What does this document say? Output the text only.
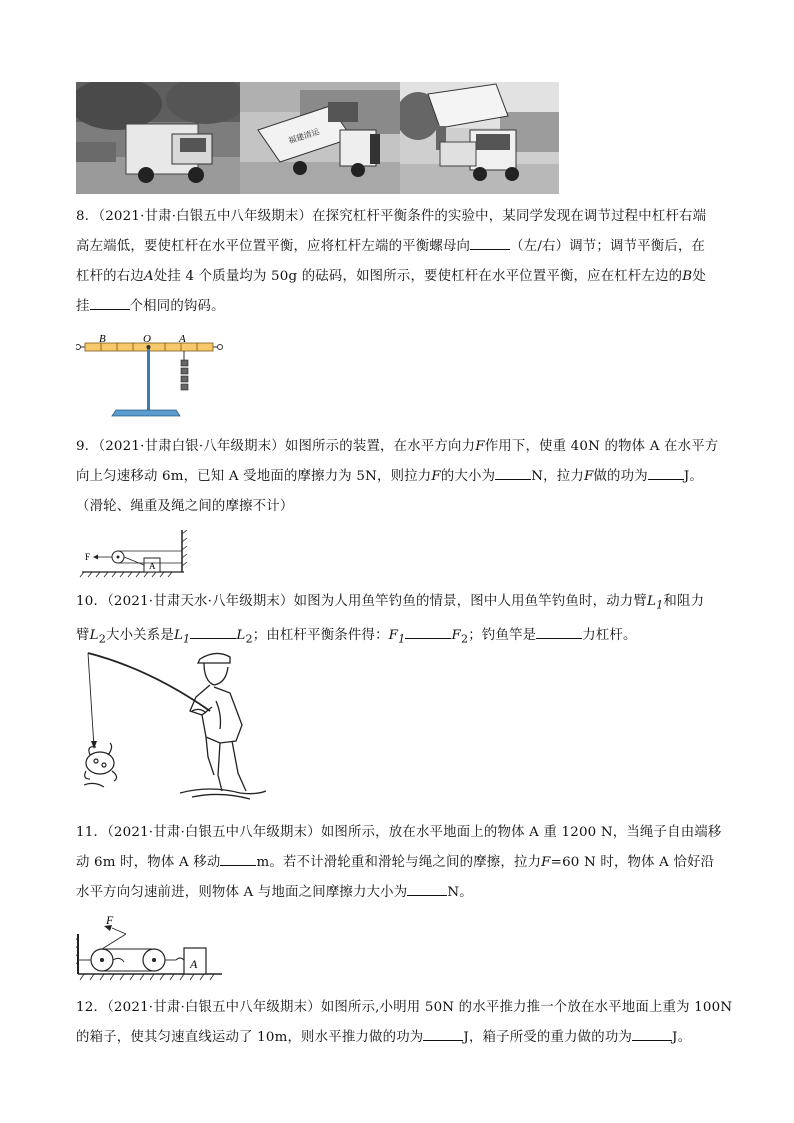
福建清运
8．（2021·甘肃·白银五中八年级期末）在探究杠杆平衡条件的实验中，某同学发现在调节过程中杠杆右端
高左端低，要使杠杆在水平位置平衡，应将杠杆左端的平衡螺母向	（左/右）调节；调节平衡后，在
杠杆的右边A处挂 4 个质量均为 50g 的砝码，如图所示，要使杠杆在水平位置平衡，应在杠杆左边的B处
挂	个相同的钩码。
B	O	A
9．（2021·甘肃白银·八年级期末）如图所示的装置，在水平方向力F作用下，使重 40N 的物体 A 在水平方
向上匀速移动 6m，已知 A 受地面的摩擦力为 5N，则拉力F的大小为	N，拉力F做的功为	J。
（滑轮、绳重及绳之间的摩擦不计）
A
F
10．（2021·甘肃天水·八年级期末）如图为人用鱼竿钓鱼的情景，图中人用鱼竿钓鱼时，动力臂$L_1$和阻力
臂$L_2$大小关系是$L_1$	$L_2$；由杠杆平衡条件得：$F_1$	$F_2$；钓鱼竿是	力杠杆。
11．（2021·甘肃·白银五中八年级期末）如图所示，放在水平地面上的物体 A 重 1200 N，当绳子自由端移
动 6m 时，物体 A 移动	m。若不计滑轮重和滑轮与绳之间的摩擦，拉力F=60 N 时，物体 A 恰好沿
水平方向匀速前进，则物体 A 与地面之间摩擦力大小为	N。
A
F
12．（2021·甘肃·白银五中八年级期末）如图所示,小明用 50N 的水平推力推一个放在水平地面上重为 100N
的箱子，使其匀速直线运动了 10m，则水平推力做的功为	J，箱子所受的重力做的功为	J。
